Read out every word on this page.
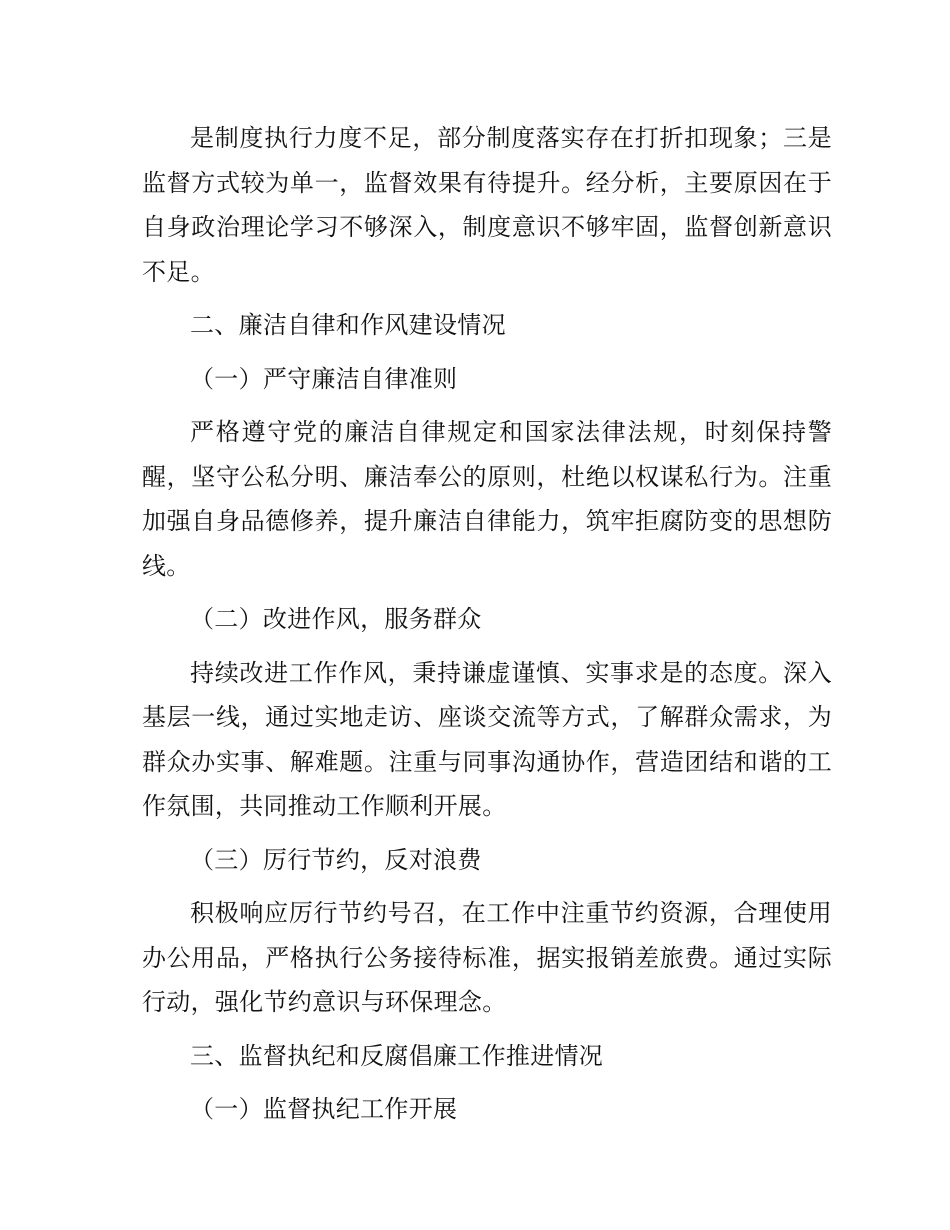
是制度执行力度不足，部分制度落实存在打折扣现象；三是监督方式较为单一，监督效果有待提升。经分析，主要原因在于自身政治理论学习不够深入，制度意识不够牢固，监督创新意识不足。

二、廉洁自律和作风建设情况

（一）严守廉洁自律准则

严格遵守党的廉洁自律规定和国家法律法规，时刻保持警醒，坚守公私分明、廉洁奉公的原则，杜绝以权谋私行为。注重加强自身品德修养，提升廉洁自律能力，筑牢拒腐防变的思想防线。

（二）改进作风，服务群众

持续改进工作作风，秉持谦虚谨慎、实事求是的态度。深入基层一线，通过实地走访、座谈交流等方式，了解群众需求，为群众办实事、解难题。注重与同事沟通协作，营造团结和谐的工作氛围，共同推动工作顺利开展。

（三）厉行节约，反对浪费

积极响应厉行节约号召，在工作中注重节约资源，合理使用办公用品，严格执行公务接待标准，据实报销差旅费。通过实际行动，强化节约意识与环保理念。

三、监督执纪和反腐倡廉工作推进情况

（一）监督执纪工作开展
